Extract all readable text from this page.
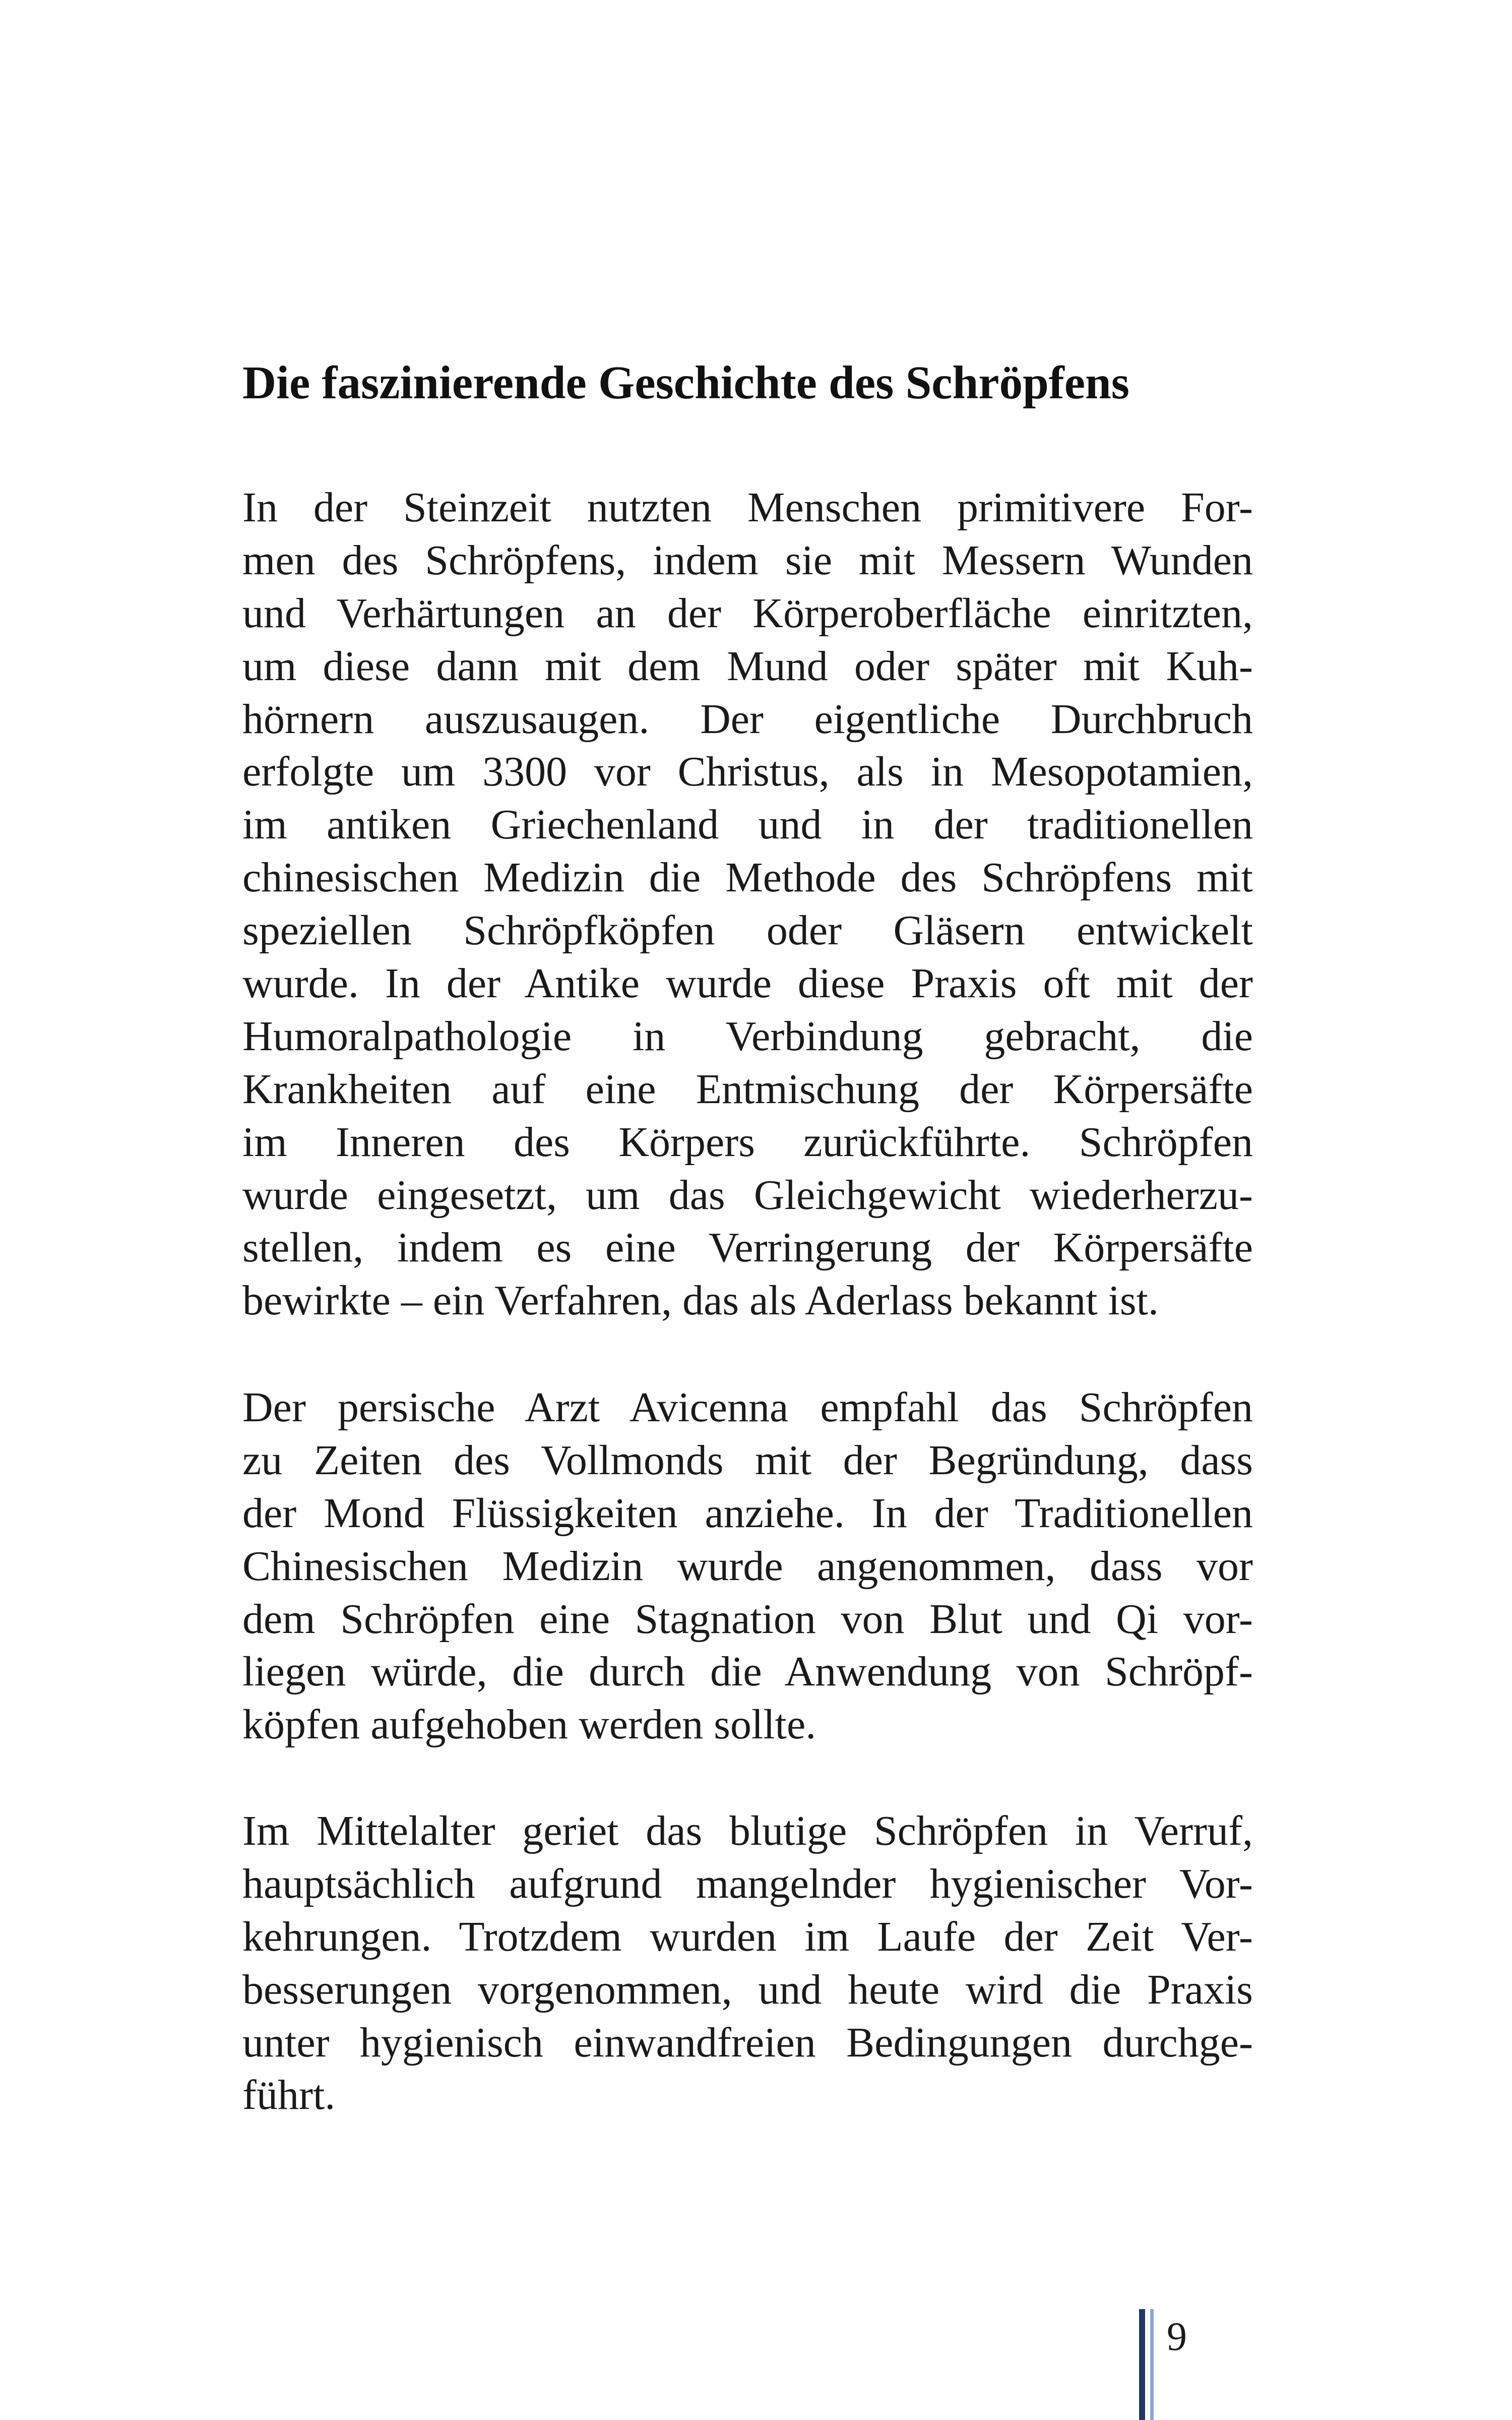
Die faszinierende Geschichte des Schröpfens

In der Steinzeit nutzten Menschen primitivere For-
men des Schröpfens, indem sie mit Messern Wunden
und Verhärtungen an der Körperoberfläche einritzten,
um diese dann mit dem Mund oder später mit Kuh-
hörnern auszusaugen. Der eigentliche Durchbruch
erfolgte um 3300 vor Christus, als in Mesopotamien,
im antiken Griechenland und in der traditionellen
chinesischen Medizin die Methode des Schröpfens mit
speziellen Schröpfköpfen oder Gläsern entwickelt
wurde. In der Antike wurde diese Praxis oft mit der
Humoralpathologie in Verbindung gebracht, die
Krankheiten auf eine Entmischung der Körpersäfte
im Inneren des Körpers zurückführte. Schröpfen
wurde eingesetzt, um das Gleichgewicht wiederherzu-
stellen, indem es eine Verringerung der Körpersäfte
bewirkte – ein Verfahren, das als Aderlass bekannt ist.

Der persische Arzt Avicenna empfahl das Schröpfen
zu Zeiten des Vollmonds mit der Begründung, dass
der Mond Flüssigkeiten anziehe. In der Traditionellen
Chinesischen Medizin wurde angenommen, dass vor
dem Schröpfen eine Stagnation von Blut und Qi vor-
liegen würde, die durch die Anwendung von Schröpf-
köpfen aufgehoben werden sollte.

Im Mittelalter geriet das blutige Schröpfen in Verruf,
hauptsächlich aufgrund mangelnder hygienischer Vor-
kehrungen. Trotzdem wurden im Laufe der Zeit Ver-
besserungen vorgenommen, und heute wird die Praxis
unter hygienisch einwandfreien Bedingungen durchge-
führt.

9
